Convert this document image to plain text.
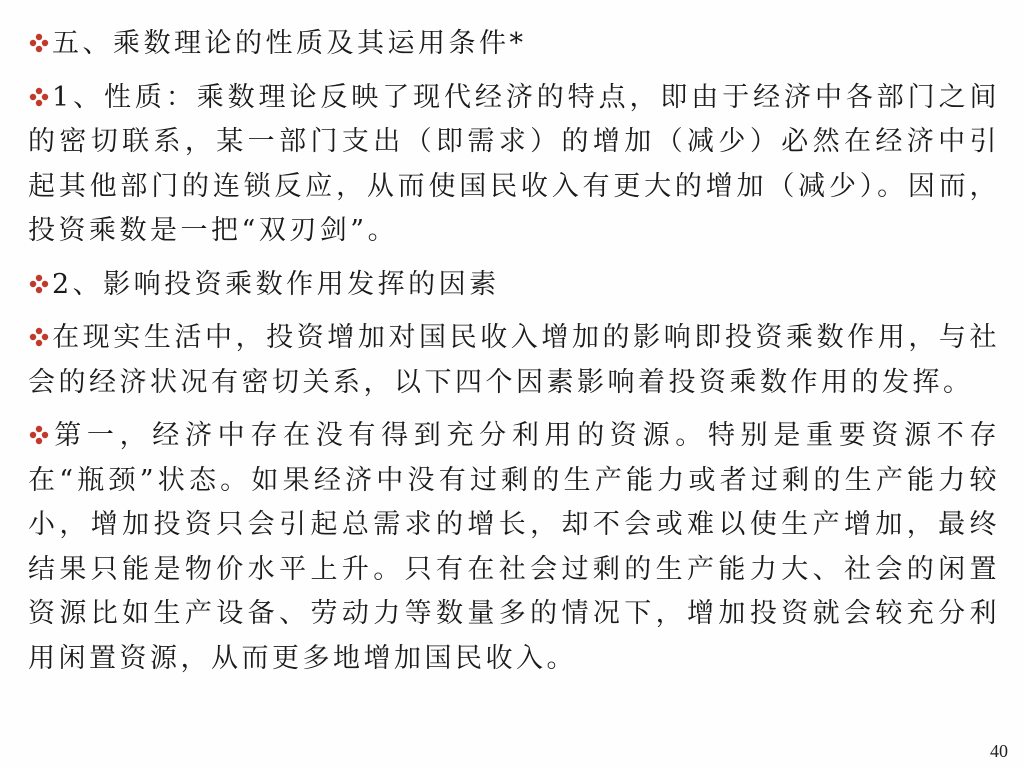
五、乘数理论的性质及其运用条件*

1、性质：乘数理论反映了现代经济的特点，即由于经济中各部门之间的密切联系，某一部门支出（即需求）的增加（减少）必然在经济中引起其他部门的连锁反应，从而使国民收入有更大的增加（减少）。因而，投资乘数是一把“双刃剑”。

2、影响投资乘数作用发挥的因素

在现实生活中，投资增加对国民收入增加的影响即投资乘数作用，与社会的经济状况有密切关系，以下四个因素影响着投资乘数作用的发挥。

第一，经济中存在没有得到充分利用的资源。特别是重要资源不存在“瓶颈”状态。如果经济中没有过剩的生产能力或者过剩的生产能力较小，增加投资只会引起总需求的增长，却不会或难以使生产增加，最终结果只能是物价水平上升。只有在社会过剩的生产能力大、社会的闲置资源比如生产设备、劳动力等数量多的情况下，增加投资就会较充分利用闲置资源，从而更多地增加国民收入。

40
